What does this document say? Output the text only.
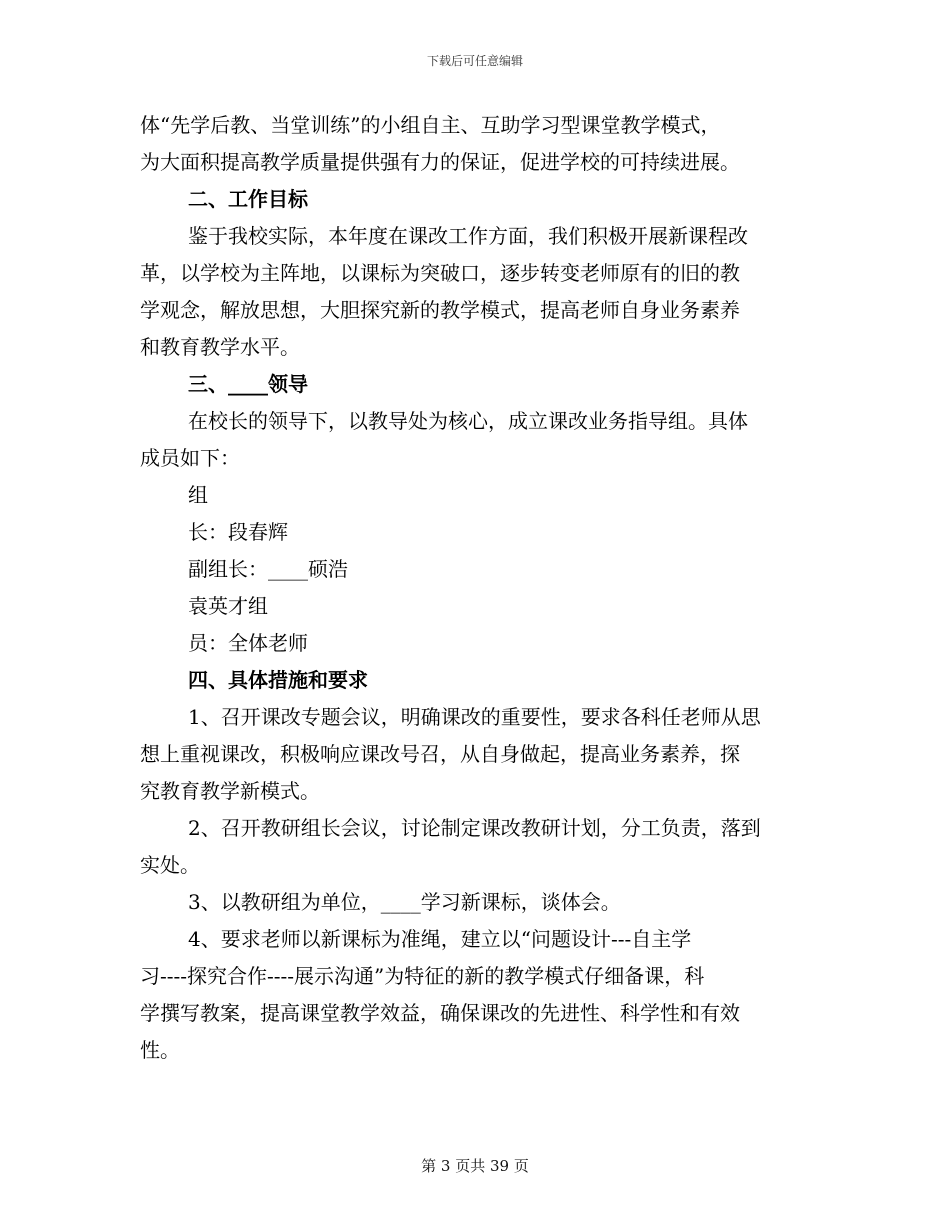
下载后可任意编辑
体“先学后教、当堂训练”的小组自主、互助学习型课堂教学模式，
为大面积提高教学质量提供强有力的保证，促进学校的可持续进展。
二、工作目标
鉴于我校实际，本年度在课改工作方面，我们积极开展新课程改
革，以学校为主阵地，以课标为突破口，逐步转变老师原有的旧的教
学观念，解放思想，大胆探究新的教学模式，提高老师自身业务素养
和教育教学水平。
三、____领导
在校长的领导下，以教导处为核心，成立课改业务指导组。具体
成员如下：
组
长：段春辉
副组长：____硕浩
袁英才组
员：全体老师
四、具体措施和要求
1、召开课改专题会议，明确课改的重要性，要求各科任老师从思
想上重视课改，积极响应课改号召，从自身做起，提高业务素养，探
究教育教学新模式。
2、召开教研组长会议，讨论制定课改教研计划，分工负责，落到
实处。
3、以教研组为单位，____学习新课标，谈体会。
4、要求老师以新课标为准绳，建立以“问题设计---自主学
习----探究合作----展示沟通”为特征的新的教学模式仔细备课，科
学撰写教案，提高课堂教学效益，确保课改的先进性、科学性和有效
性。
第 3 页共 39 页
